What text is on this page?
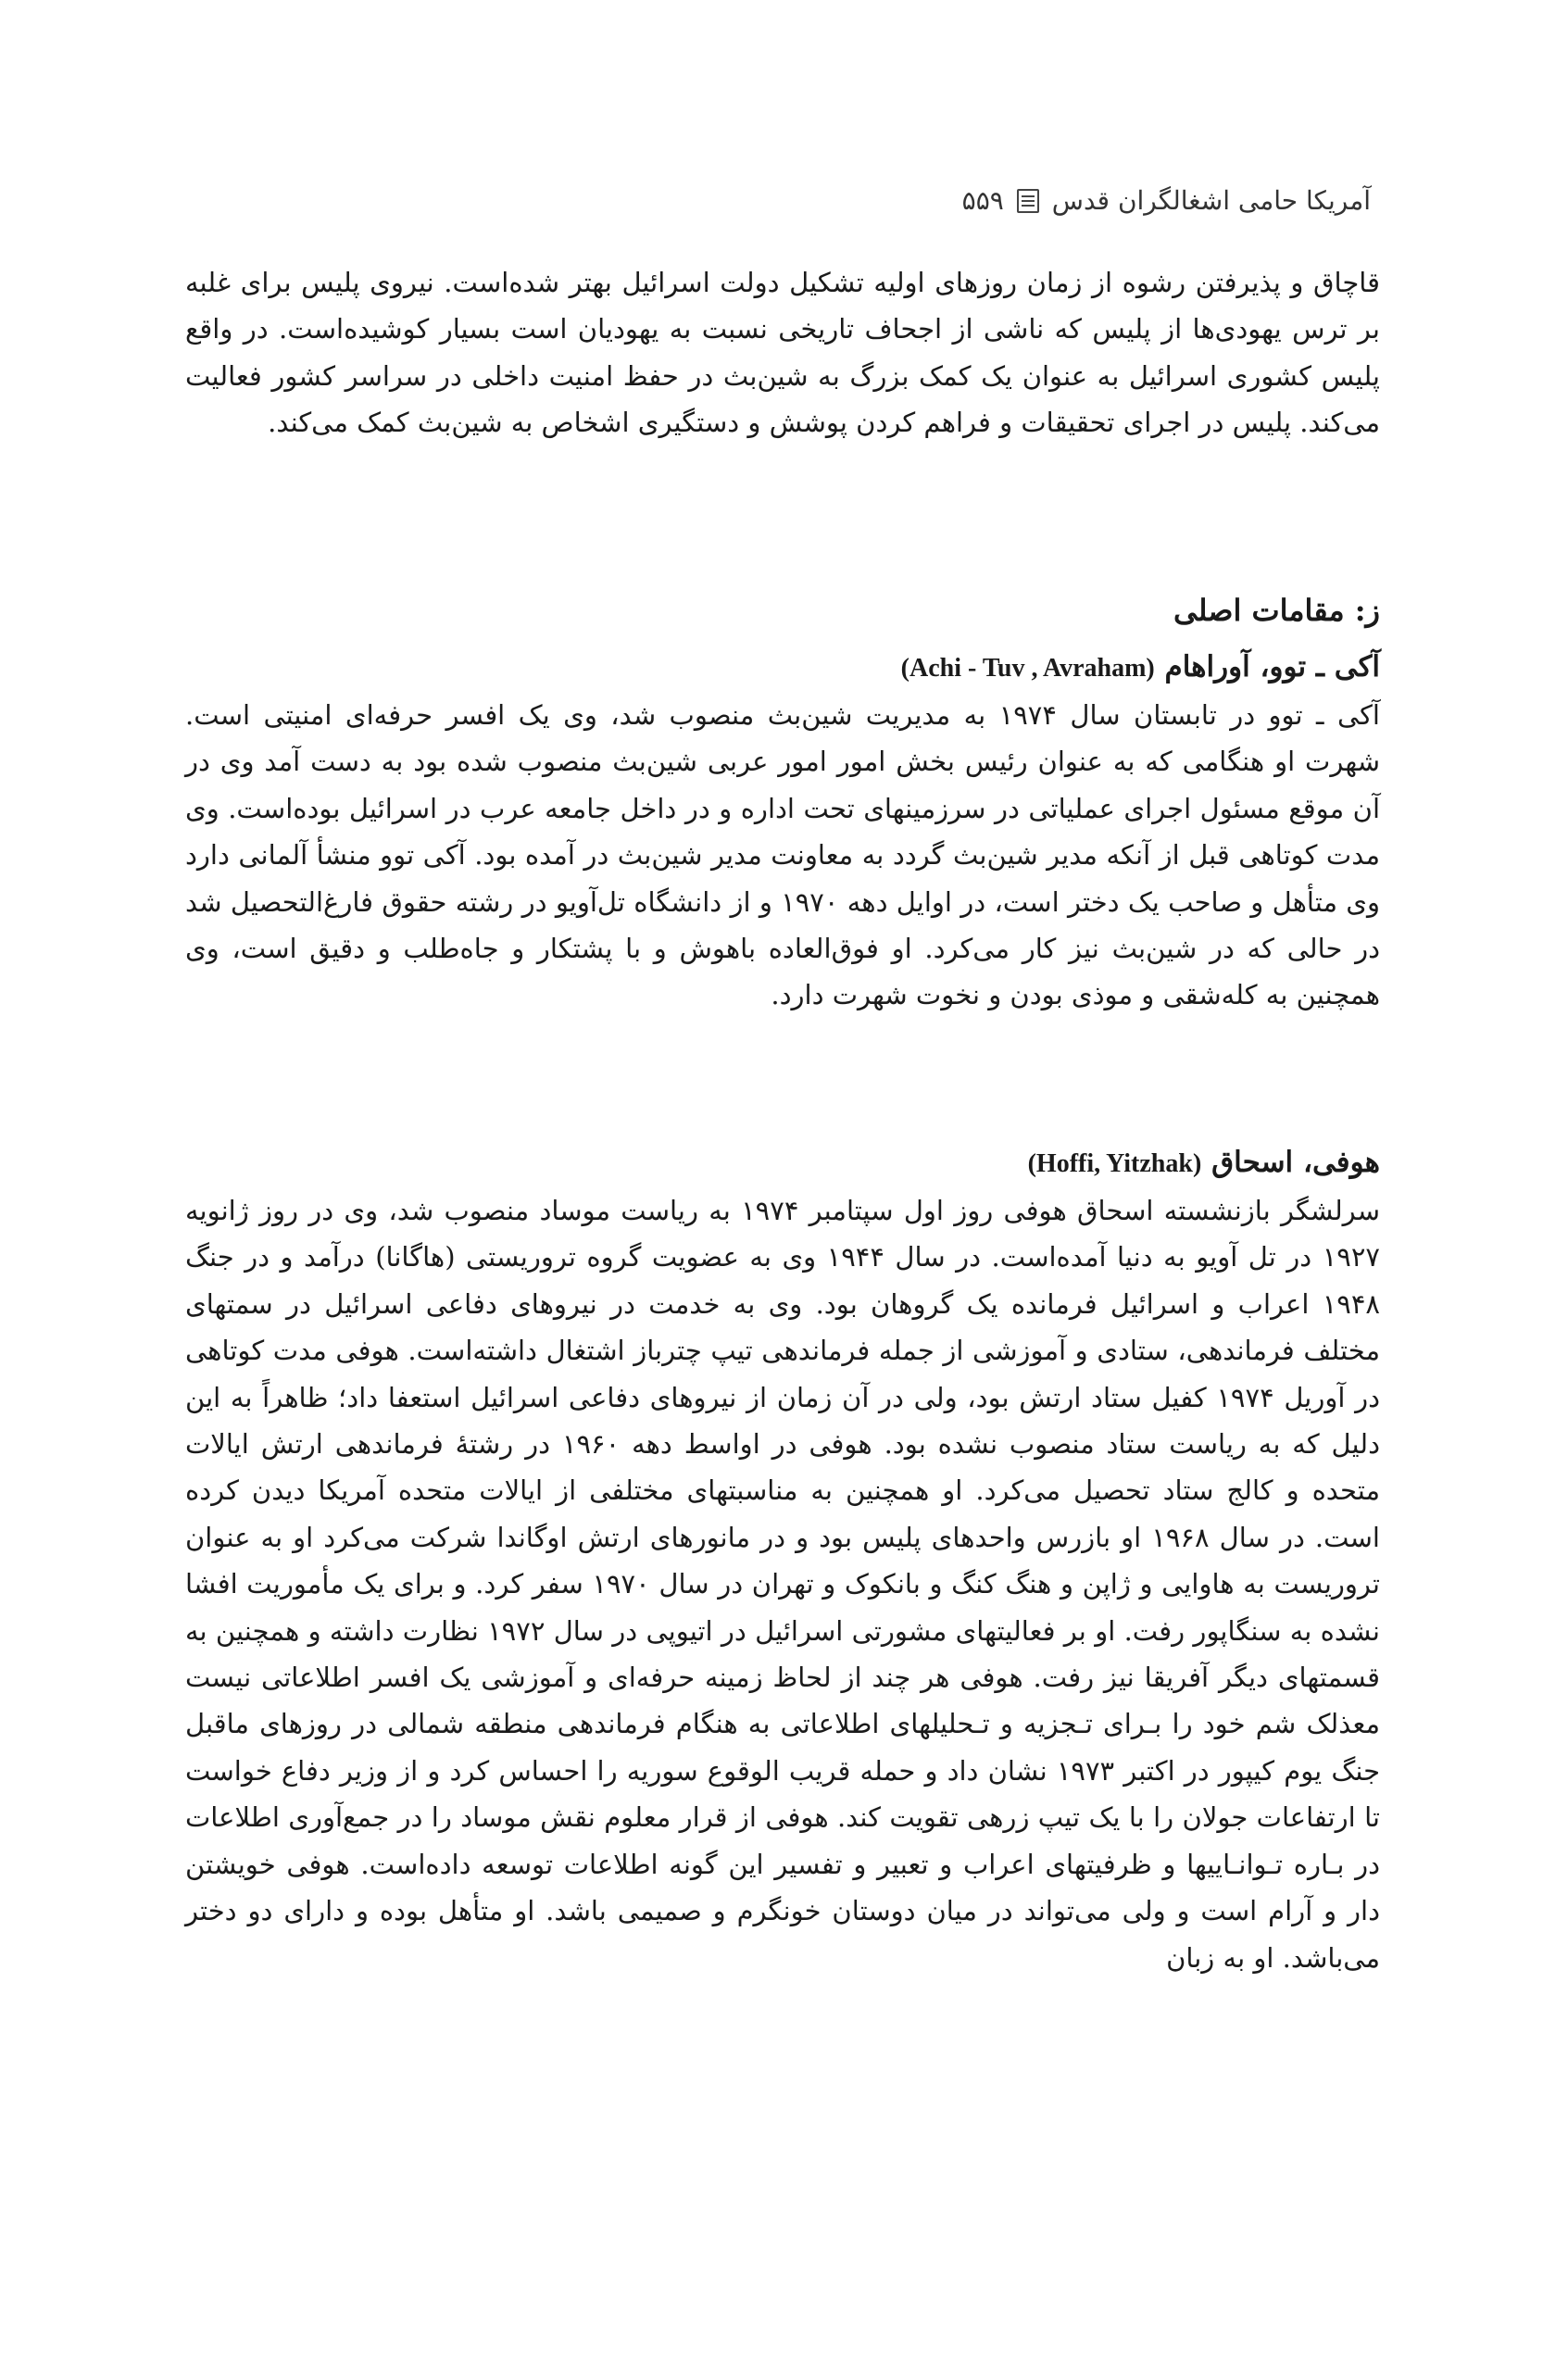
آمریکا حامی اشغالگران قدس
۵۵۹

قاچاق و پذیرفتن رشوه از زمان روزهای اولیه تشکیل دولت اسرائیل بهتر شده‌است. نیروی پلیس برای غلبه بر ترس یهودی‌ها از پلیس که ناشی از اجحاف تاریخی نسبت به یهودیان است بسیار کوشیده‌است. در واقع پلیس کشوری اسرائیل به عنوان یک کمک بزرگ به شین‌بث در حفظ امنیت داخلی در سراسر کشور فعالیت می‌کند. پلیس در اجرای تحقیقات و فراهم کردن پوشش و دستگیری اشخاص به شین‌بث کمک می‌کند.

ز: مقامات اصلی
آکی ـ توو، آوراهام (Achi - Tuv , Avraham)

آکی ـ توو در تابستان سال ۱۹۷۴ به مدیریت شین‌بث منصوب شد، وی یک افسر حرفه‌ای امنیتی است. شهرت او هنگامی که به عنوان رئیس بخش امور امور عربی شین‌بث منصوب شده بود به دست آمد وی در آن موقع مسئول اجرای عملیاتی در سرزمینهای تحت اداره و در داخل جامعه عرب در اسرائیل بوده‌است. وی مدت کوتاهی قبل از آنکه مدیر شین‌بث گردد به معاونت مدیر شین‌بث در آمده بود. آکی توو منشأ آلمانی دارد وی متأهل و صاحب یک دختر است، در اوایل دهه ۱۹۷۰ و از دانشگاه تل‌آویو در رشته حقوق فارغ‌التحصیل شد در حالی که در شین‌بث نیز کار می‌کرد. او فوق‌العاده باهوش و با پشتکار و جاه‌طلب و دقیق است، وی همچنین به کله‌شقی و موذی بودن و نخوت شهرت دارد.

هوفی، اسحاق (Hoffi, Yitzhak)

سرلشگر بازنشسته اسحاق هوفی روز اول سپتامبر ۱۹۷۴ به ریاست موساد منصوب شد، وی در روز ژانویه ۱۹۲۷ در تل آویو به دنیا آمده‌است. در سال ۱۹۴۴ وی به عضویت گروه تروریستی (هاگانا) درآمد و در جنگ ۱۹۴۸ اعراب و اسرائیل فرمانده یک گروهان بود. وی به خدمت در نیروهای دفاعی اسرائیل در سمتهای مختلف فرماندهی، ستادی و آموزشی از جمله فرماندهی تیپ چترباز اشتغال داشته‌است. هوفی مدت کوتاهی در آوریل ۱۹۷۴ کفیل ستاد ارتش بود، ولی در آن زمان از نیروهای دفاعی اسرائیل استعفا داد؛ ظاهراً به این دلیل که به ریاست ستاد منصوب نشده بود. هوفی در اواسط دهه ۱۹۶۰ در رشتهٔ فرماندهی ارتش ایالات متحده و کالج ستاد تحصیل می‌کرد. او همچنین به مناسبتهای مختلفی از ایالات متحده آمریکا دیدن کرده است. در سال ۱۹۶۸ او بازرس واحدهای پلیس بود و در مانورهای ارتش اوگاندا شرکت می‌کرد او به عنوان تروریست به هاوایی و ژاپن و هنگ کنگ و بانکوک و تهران در سال ۱۹۷۰ سفر کرد. و برای یک مأموریت افشا نشده به سنگاپور رفت. او بر فعالیتهای مشورتی اسرائیل در اتیوپی در سال ۱۹۷۲ نظارت داشته و همچنین به قسمتهای دیگر آفریقا نیز رفت. هوفی هر چند از لحاظ زمینه حرفه‌ای و آموزشی یک افسر اطلاعاتی نیست معذلک شم خود را بـرای تـجزیه و تـحلیلهای اطلاعاتی به هنگام فرماندهی منطقه شمالی در روزهای ماقبل جنگ یوم کیپور در اکتبر ۱۹۷۳ نشان داد و حمله قریب الوقوع سوریه را احساس کرد و از وزیر دفاع خواست تا ارتفاعات جولان را با یک تیپ زرهی تقویت کند. هوفی از قرار معلوم نقش موساد را در جمع‌آوری اطلاعات در بـاره تـوانـاییها و ظرفیتهای اعراب و تعبیر و تفسیر این گونه اطلاعات توسعه داده‌است. هوفی خویشتن دار و آرام است و ولی می‌تواند در میان دوستان خونگرم و صمیمی باشد. او متأهل بوده و دارای دو دختر می‌باشد. او به زبان
